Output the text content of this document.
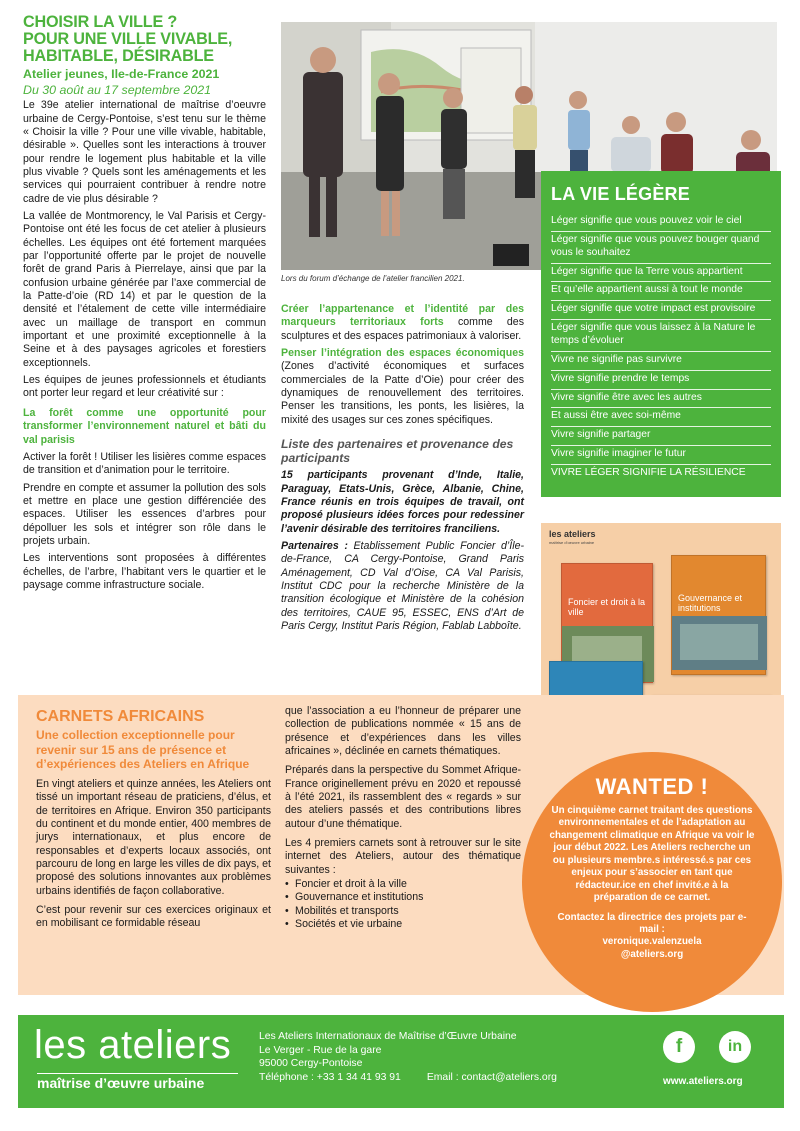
CHOISIR LA VILLE ?
POUR UNE VILLE VIVABLE,
HABITABLE, DÉSIRABLE
Atelier jeunes, Ile-de-France 2021
Du 30 août au 17 septembre 2021

Le 39e atelier international de maîtrise d’oeuvre urbaine de Cergy-Pontoise, s’est tenu sur le thème « Choisir la ville ? Pour une ville vivable, habitable, désirable ». Quelles sont les interactions à trouver pour rendre le logement plus habitable et la ville plus vivable ? Quels sont les aménagements et les services qui pourraient contribuer à rendre notre cadre de vie plus désirable ?

La vallée de Montmorency, le Val Parisis et Cergy-Pontoise ont été les focus de cet atelier à plusieurs échelles. Les équipes ont été fortement marquées par l’opportunité offerte par le projet de nouvelle forêt de grand Paris à Pierrelaye, ainsi que par la confusion urbaine générée par l’axe commercial de la Patte-d’oie (RD 14) et par le question de la densité et l’étalement de cette ville intermédiaire avec un maillage de transport en commun important et une proximité exceptionnelle à la Seine et à des paysages agricoles et forestiers exceptionnels.

Les équipes de jeunes professionnels et étudiants ont porter leur regard et leur créativité sur :

La forêt comme une opportunité pour transformer l’environnement naturel et bâti du val parisis

Activer la forêt ! Utiliser les lisières comme espaces de transition et d’animation pour le territoire.

Prendre en compte et assumer la pollution des sols et mettre en place une gestion différenciée des espaces. Utiliser les essences d’arbres pour dépolluer les sols et intégrer son rôle dans le projets urbain.

Les interventions sont proposées à différentes échelles, de l’arbre, l’habitant vers le quartier et le paysage comme infrastructure sociale.

Lors du forum d’échange de l’atelier francilien 2021.

Créer l’appartenance et l’identité par des marqueurs territoriaux forts comme des sculptures et des espaces patrimoniaux à valoriser.

Penser l’intégration des espaces économiques (Zones d’activité économiques et surfaces commerciales de la Patte d’Oie) pour créer des dynamiques de renouvellement des territoires. Penser les transitions, les ponts, les lisières, la mixité des usages sur ces zones spécifiques.

Liste des partenaires et provenance des participants

15 participants provenant d’Inde, Italie, Paraguay, Etats-Unis, Grèce, Albanie, Chine, France réunis en trois équipes de travail, ont proposé plusieurs idées forces pour redessiner l’avenir désirable des territoires franciliens.

Partenaires : Etablissement Public Foncier d’Île-de-France, CA Cergy-Pontoise, Grand Paris Aménagement, CD Val d’Oise, CA Val Parisis, Institut CDC pour la recherche Ministère de la transition écologique et Ministère de la cohésion des territoires, CAUE 95, ESSEC, ENS d’Art de Paris Cergy, Institut Paris Région, Fablab Labboîte.

LA VIE LÉGÈRE
Léger signifie que vous pouvez voir le ciel
Léger signifie que vous pouvez bouger quand vous le souhaitez
Léger signifie que la Terre vous appartient
Et qu’elle appartient aussi à tout le monde
Léger signifie que votre impact est provisoire
Léger signifie que vous laissez à la Nature le temps d’évoluer
Vivre ne signifie pas survivre
Vivre signifie prendre le temps
Vivre signifie être avec les autres
Et aussi être avec soi-même
Vivre signifie partager
Vivre signifie imaginer le futur
VIVRE LÉGER SIGNIFIE LA RÉSILIENCE
les ateliers
maîtrise d’oeuvre urbaine
Foncier et droit à la ville
Gouvernance et institutions
CARNETS AFRICAINS
Une collection exceptionnelle pour revenir sur 15 ans de présence et d’expériences des Ateliers en Afrique

En vingt ateliers et quinze années, les Ateliers ont tissé un important réseau de praticiens, d’élus, et de territoires en Afrique. Environ 350 participants du continent et du monde entier, 400 membres de jurys internationaux, et plus encore de responsables et d’experts locaux associés, ont parcouru de long en large les villes de dix pays, et proposé des solutions innovantes aux problèmes urbains identifiés de façon collaborative.

C’est pour revenir sur ces exercices originaux et en mobilisant ce formidable réseau

que l’association a eu l’honneur de préparer une collection de publications nommée « 15 ans de présence et d’expériences dans les villes africaines », déclinée en carnets thématiques.

Préparés dans la perspective du Sommet Afrique-France originellement prévu en 2020 et repoussé à l’été 2021, ils rassemblent des « regards » sur des ateliers passés et des contributions libres autour d’une thématique.

Les 4 premiers carnets sont à retrouver sur le site internet des Ateliers, autour des thématique suivantes :

• Foncier et droit à la ville
• Gouvernance et institutions
• Mobilités et transports
• Sociétés et vie urbaine
WANTED !
Un cinquième carnet traitant des questions environnementales et de l’adaptation au changement climatique en Afrique va voir le jour début 2022. Les Ateliers recherche un ou plusieurs membre.s intéressé.s par ces enjeux pour s’associer en tant que rédacteur.ice en chef invité.e à la préparation de ce carnet.
Contactez la directrice des projets par e-mail :
veronique.valenzuela
@ateliers.org
les ateliers
maîtrise d’œuvre urbaine
Les Ateliers Internationaux de Maîtrise d’Œuvre Urbaine
Le Verger - Rue de la gare
95000 Cergy-Pontoise
Téléphone : +33 1 34 41 93 91	Email : contact@ateliers.org
f	in
www.ateliers.org
